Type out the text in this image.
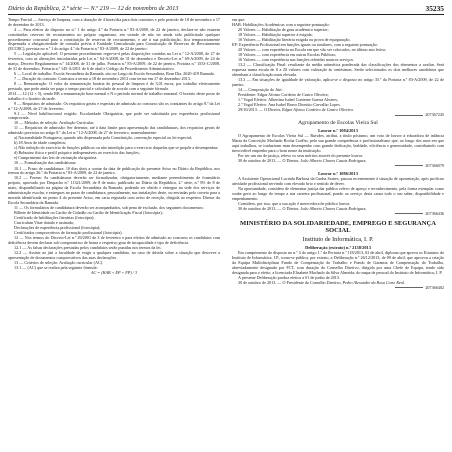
Diário da República, 2.ª série — N.º 219 — 12 de novembro de 2013	35235

Tempo Parcial — Serviço de limpeza, com a duração de 4 horas/dia para dois contratos e pelo período de 18 de novembro a 17 de dezembro de 2013.

4 — Para efeitos do disposto no n.º 1 do artigo 4.º da Portaria n.º 83-A/2009, de 22 de janeiro, declara-se não estarem constituídas reservas de recrutamento no próprio organismo, em virtude de não ter ainda sido publicitado qualquer procedimento concursal para a constituição de reservas de recrutamento, e até à sua publicitação, fica temporariamente dispensada a obrigatoriedade de consulta prévia à Entidade Centralizada para Constituição de Reservas de Recrutamento (ECCRC), prevista no n.º 1 do artigo 4.º da Portaria n.º 83-A/2009, de 22 de janeiro.

5 — Legislação aplicável: O presente procedimento reger-se-á pelas disposições contidas na Lei n.º 12-A/2008, de 27 de fevereiro, com as alterações introduzidas pela Lei n.º 64-A/2008, de 31 de dezembro e Decreto-Lei n.º 69-A/2009, de 24 de março, Decreto Regulamentar n.º 14/2008, de 31 de julho, Portaria n.º 83-A/2009, de 22 de janeiro, Portaria n.º 1553-C/2008, de 31 de dezembro, Portaria n.º 145-A/2011 de 6 de abril e Código do Procedimento Administrativo.

6 — Local de trabalho: Escola Secundária da Ramada, sito no Largo da Escola Secundária, Bom Dia, 2620-419 Ramada.

7 — Duração do contrato: Contratos a termo a 18 de novembro 2013 com termo em 17 de dezembro 2013.

8 — Remuneração: O valor da remuneração horária do pessoal de limpeza é de 3,01 euros, por trabalho efetivamente prestado, que pode ainda ser pago o tempo parcial e calculado de acordo com a seguinte fórmula.

2014 — 12 (12 × 5), sendo RB a remuneração base mensal e N o período normal de trabalho semanal. O horário deste posto de trabalho é o horário da tarde.

9 — Requisitos de admissão: Os requisitos gerais e especiais de admissão ao concurso são os constantes do artigo 8.º da Lei n.º 12-A/2008, de 27 de fevereiro.

9.1 — Nível habilitacional exigido: Escolaridade Obrigatória, que pode ser substituída por experiência profissional comprovada.

10 — Métodos de seleção: Avaliação Curricular.

11 — Requisitos de admissão: Ser detentor, até à data limite para apresentação das candidaturas, dos requisitos gerais de admissão previstos no artigo 8.º da Lei n.º 12-A/2008, de 27 de fevereiro, nomeadamente:

a) Nacionalidade Portuguesa, quando não dispensada pela Constituição, convenção especial ou lei especial;

b) 18 Anos de idade completos;

c) Não inibição do exercício de funções públicas ou não interdição para o exercício daquelas que se propõe a desempenhar;

d) Robustez física e perfil psíquico indispensáveis ao exercício das funções;

e) Cumprimento das leis de vacinação obrigatória.

10 — Formalização das candidaturas:

10.1 — Prazo de candidatura: 10 dias úteis a contar da data de publicação do presente Aviso no Diário da República, nos termos do artigo 26.º da Portaria n.º 83-A/2009, de 22 de janeiro.

10.2 — Forma: As candidaturas deverão ser formalizadas, obrigatoriamente, mediante preenchimento de formulário próprio, aprovado por Despacho n.º 11321/2009, de 8 de maio, publicado no Diário da República, 2.ª série, n.º 89, de 8 de maio, disponibilizado na página da Escola Secundária da Ramada, podendo ser obtido e entregue na sede dos serviços de administração escolar, e entregues no prazo de candidatura, pessoalmente, nas instalações deste, ou enviadas pelo correio para a morada identificada no ponto 4 do presente Aviso, em carta registada com aviso de receção, dirigida ao respetivo Diretor da Escola Secundária da Ramada.

11 — Os formulários de candidatura deverão ser acompanhados, sob pena de exclusão, dos seguintes documentos:

Bilhete de Identidade ou Cartão de Cidadão ou Cartão de Identificação Fiscal (fotocópia);

Certificado de habilitações literárias (fotocópia);

Curriculum Vitae datado e assinado;

Declarações de experiência profissional (fotocópia);

Certificados comprovativos de formação profissional (fotocópia).

12 — Nos termos do Decreto-Lei n.º 29/2001 de 3 de fevereiro e para efeitos de admissão ao concurso os candidatos com deficiência devem declarar sob compromisso de honra o respetivo grau de incapacidade e tipo de deficiência.

12.1 — As falsas declarações prestadas pelos candidatos serão punidas nos termos da lei.

12.2 — Assiste ao júri a faculdade de exigir a qualquer candidato, no caso de dúvida sobre a situação que descreve a apresentação de documentos comprovativos das suas declarações.

13 — Critérios de seleção: Avaliação curricular (AC).

13.1 — (AC) que se realiza pela seguinte fórmula:

AC = (HAB + EP + FP) / 3

em que:

HAB: Habilitações Académicas com a seguinte pontuação:

20 Valores — Habilitação de grau académico superior;

18 Valores — Habilitação superior à exigida;

16 Valores — Habilitação literária exigida ou prova de equiparação.

EP: Experiência Profissional em funções iguais ou similares, com a seguinte pontuação:

20 Valores — com experiência na Escola em que vão ser colocados, no último ano letivo;

18 Valores — com experiência em outras Escolas Públicas;

16 Valores — com experiência nas funções referidas noutros serviços.

13.2 — Classificação Final: resultante da média aritmética ponderada das classificações dos elementos a avaliar. Será expressa numa escala de 0 a 20 valores com valoração às centésimas. Serão selecionados os dois melhores candidatos que obtenham a classificação mais elevada.

13.3 — Em situações de igualdade de valoração, aplica-se o disposto no artigo 35.º da Portaria n.º 83-A/2009, de 22 de janeiro.

14 — Composição do Júri:

Presidente: Edgar Afonso Cordeiro de Castro Oliveira;

1.º Vogal Efetivo: Albertina Isabel Contente Guerra Alvares;

2.º Vogal Efetivo: Ana Isabel Bravo Dionísio Carvalho Lopes.

29/10/2013. — O Diretor, Edgar Afonso Cordeiro de Castro Oliveira.

207367245

Agrupamento de Escolas Vieira Sul

Louvor n.º 1084/2013

O Agrupamento de Escolas Vieira Sul — Ruivães, atribui, a título póstumo, um voto de louvor à educadora de infância Maria da Conceição Machado Rocha Coelho, pela sua grande competência e profissionalismo que, ao longo dos anos em que aqui trabalhou, se traduziram num desempenho com grande dedicação, lealdade, eficiência e generosidade, contribuindo com inexcedível empenho para o bom nome da instituição.

Por ser um ato de justiça, relevo os seus méritos através do presente louvor.

30 de outubro de 2013. — O Diretor, João Alberto Chaves Casais Rodrigues.

207366079

Louvor n.º 1086/2013

A Assistente Operacional Lucinda Barbosa da Cunha Soares, passou recentemente à situação de aposentação, após profícuo atividade profissional servindo com elevado brio e sentido de dever.

Na oportunidade, considero de elementar justiça dar público relevo de apreço e reconhecimento, pela forma exemplar como soube gerir ao longo do tempo a sua carreira profissional, pondo ao serviço desta causa todo o seu saber, disponibilidade e empenhamento.

Considero, por isso, que a sua ação é merecedora de público louvor.

30 de outubro de 2013. — O Diretor, João Alberto Chaves Casais Rodrigues.

207366436

MINISTÉRIO DA SOLIDARIEDADE, EMPREGO E SEGURANÇA SOCIAL

Instituto de Informática, I. P.

Deliberação (extrato) n.º 2138/2013

Em cumprimento do disposto no n.º 4 do artigo 1.º da Portaria n.º 118/2013, 02 de abril, diploma que aprova os Estatutos do Instituto de Informática, I.P., torna-se pública, por extrato, a Deliberação n.º 26/12/2013, de 09 de abril, que aprovou a criação da Equipa Multidisciplinar Fundo de Compensação do Trabalho e Fundo de Garantia de Compensação do Trabalho, abreviadamente designada por FCT, com duração do Conselho Diretivo, dirigida por uma Chefe de Equipa, tendo sido designada para o efeito, a licenciada Elisabete Machado da Silva Almeida, do mapa de pessoal do Instituto de Informática, I. P.

A presente Deliberação produz efeitos a 01 de junho de 2013.

30 de outubro de 2013. — O Presidente do Conselho Diretivo, Pedro Alexandre da Rosa Corte Real.

207366402
